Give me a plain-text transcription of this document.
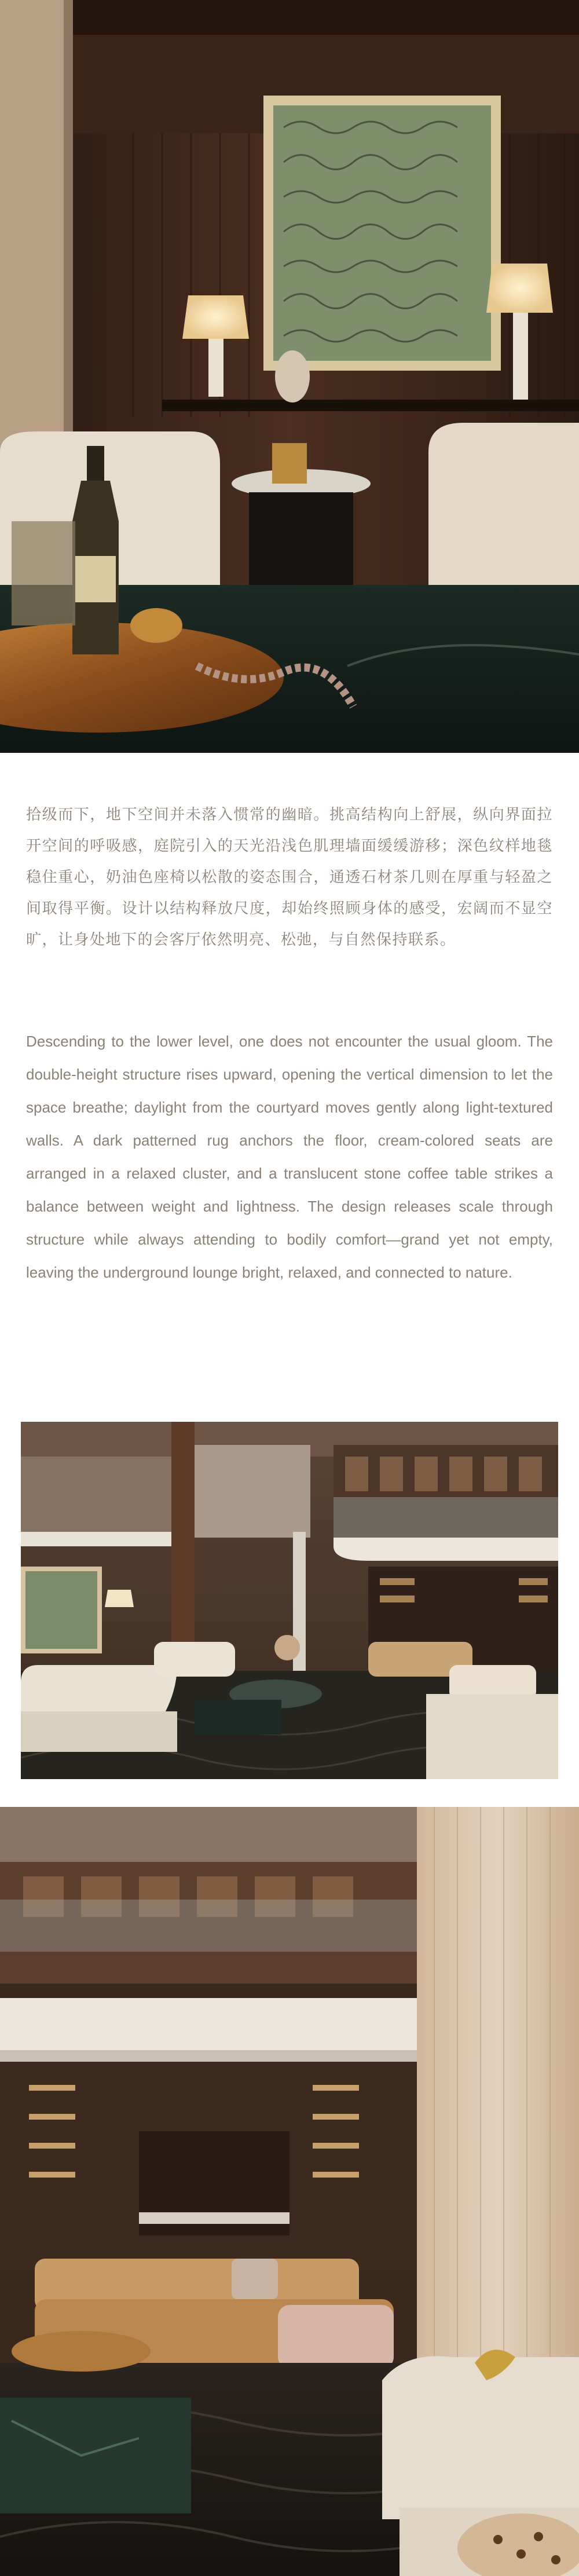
拾级而下，地下空间并未落入惯常的幽暗。挑高结构向上舒展，纵向界面拉开空间的呼吸感，庭院引入的天光沿浅色肌理墙面缓缓游移；深色纹样地毯稳住重心，奶油色座椅以松散的姿态围合，通透石材茶几则在厚重与轻盈之间取得平衡。设计以结构释放尺度，却始终照顾身体的感受，宏阔而不显空旷，让身处地下的会客厅依然明亮、松弛，与自然保持联系。
Descending to the lower level, one does not encounter the usual gloom. The double-height structure rises upward, opening the vertical dimension to let the space breathe; daylight from the courtyard moves gently along light-textured walls. A dark patterned rug anchors the floor, cream-colored seats are arranged in a relaxed cluster, and a translucent stone coffee table strikes a balance between weight and lightness. The design releases scale through structure while always attending to bodily comfort—grand yet not empty, leaving the underground lounge bright, relaxed, and connected to nature.
